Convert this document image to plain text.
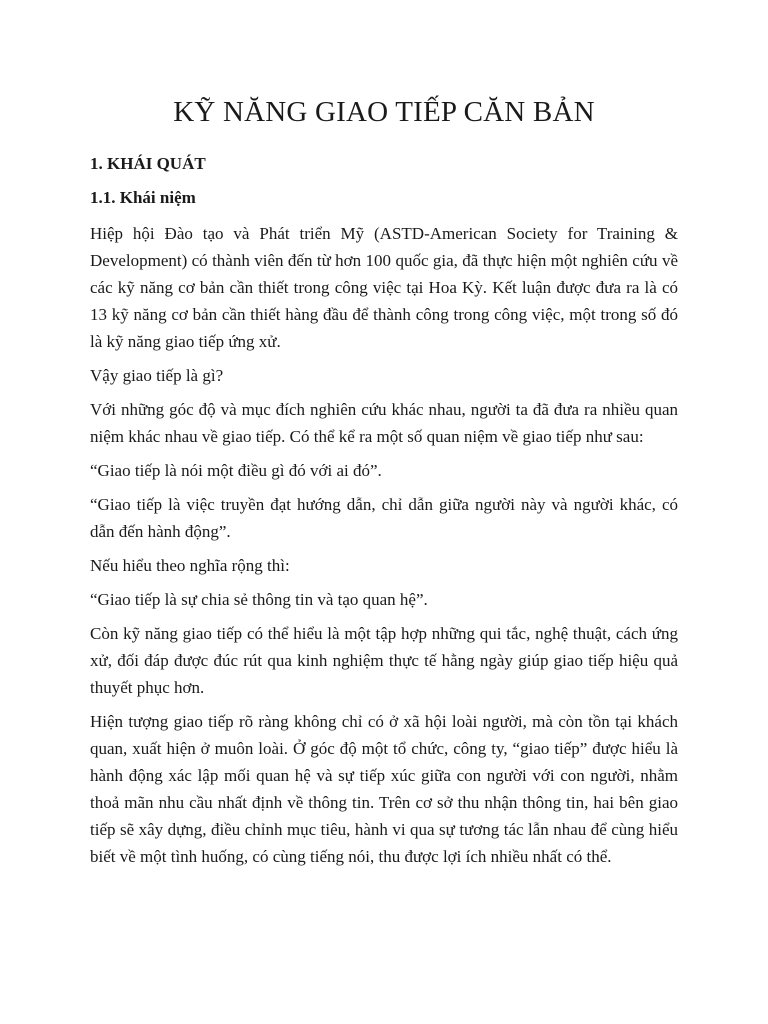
KỸ NĂNG GIAO TIẾP CĂN BẢN
1. KHÁI QUÁT
1.1. Khái niệm

Hiệp hội Đào tạo và Phát triển Mỹ (ASTD-American Society for Training & Development) có thành viên đến từ hơn 100 quốc gia, đã thực hiện một nghiên cứu về các kỹ năng cơ bản cần thiết trong công việc tại Hoa Kỳ. Kết luận được đưa ra là có 13 kỹ năng cơ bản cần thiết hàng đầu để thành công trong công việc, một trong số đó là kỹ năng giao tiếp ứng xử.

Vậy giao tiếp là gì?

Với những góc độ và mục đích nghiên cứu khác nhau, người ta đã đưa ra nhiều quan niệm khác nhau về giao tiếp. Có thể kể ra một số quan niệm về giao tiếp như sau:

“Giao tiếp là nói một điều gì đó với ai đó”.

“Giao tiếp là việc truyền đạt hướng dẫn, chỉ dẫn giữa người này và người khác, có dẫn đến hành động”.

Nếu hiểu theo nghĩa rộng thì:

“Giao tiếp là sự chia sẻ thông tin và tạo quan hệ”.

Còn kỹ năng giao tiếp có thể hiểu là một tập hợp những qui tắc, nghệ thuật, cách ứng xử, đối đáp được đúc rút qua kinh nghiệm thực tế hằng ngày giúp giao tiếp hiệu quả thuyết phục hơn.

Hiện tượng giao tiếp rõ ràng không chỉ có ở xã hội loài người, mà còn tồn tại khách quan, xuất hiện ở muôn loài. Ở góc độ một tổ chức, công ty, “giao tiếp” được hiểu là hành động xác lập mối quan hệ và sự tiếp xúc giữa con người với con người, nhằm thoả mãn nhu cầu nhất định về thông tin. Trên cơ sở thu nhận thông tin, hai bên giao tiếp sẽ xây dựng, điều chỉnh mục tiêu, hành vi qua sự tương tác lẫn nhau để cùng hiểu biết về một tình huống, có cùng tiếng nói, thu được lợi ích nhiều nhất có thể.
